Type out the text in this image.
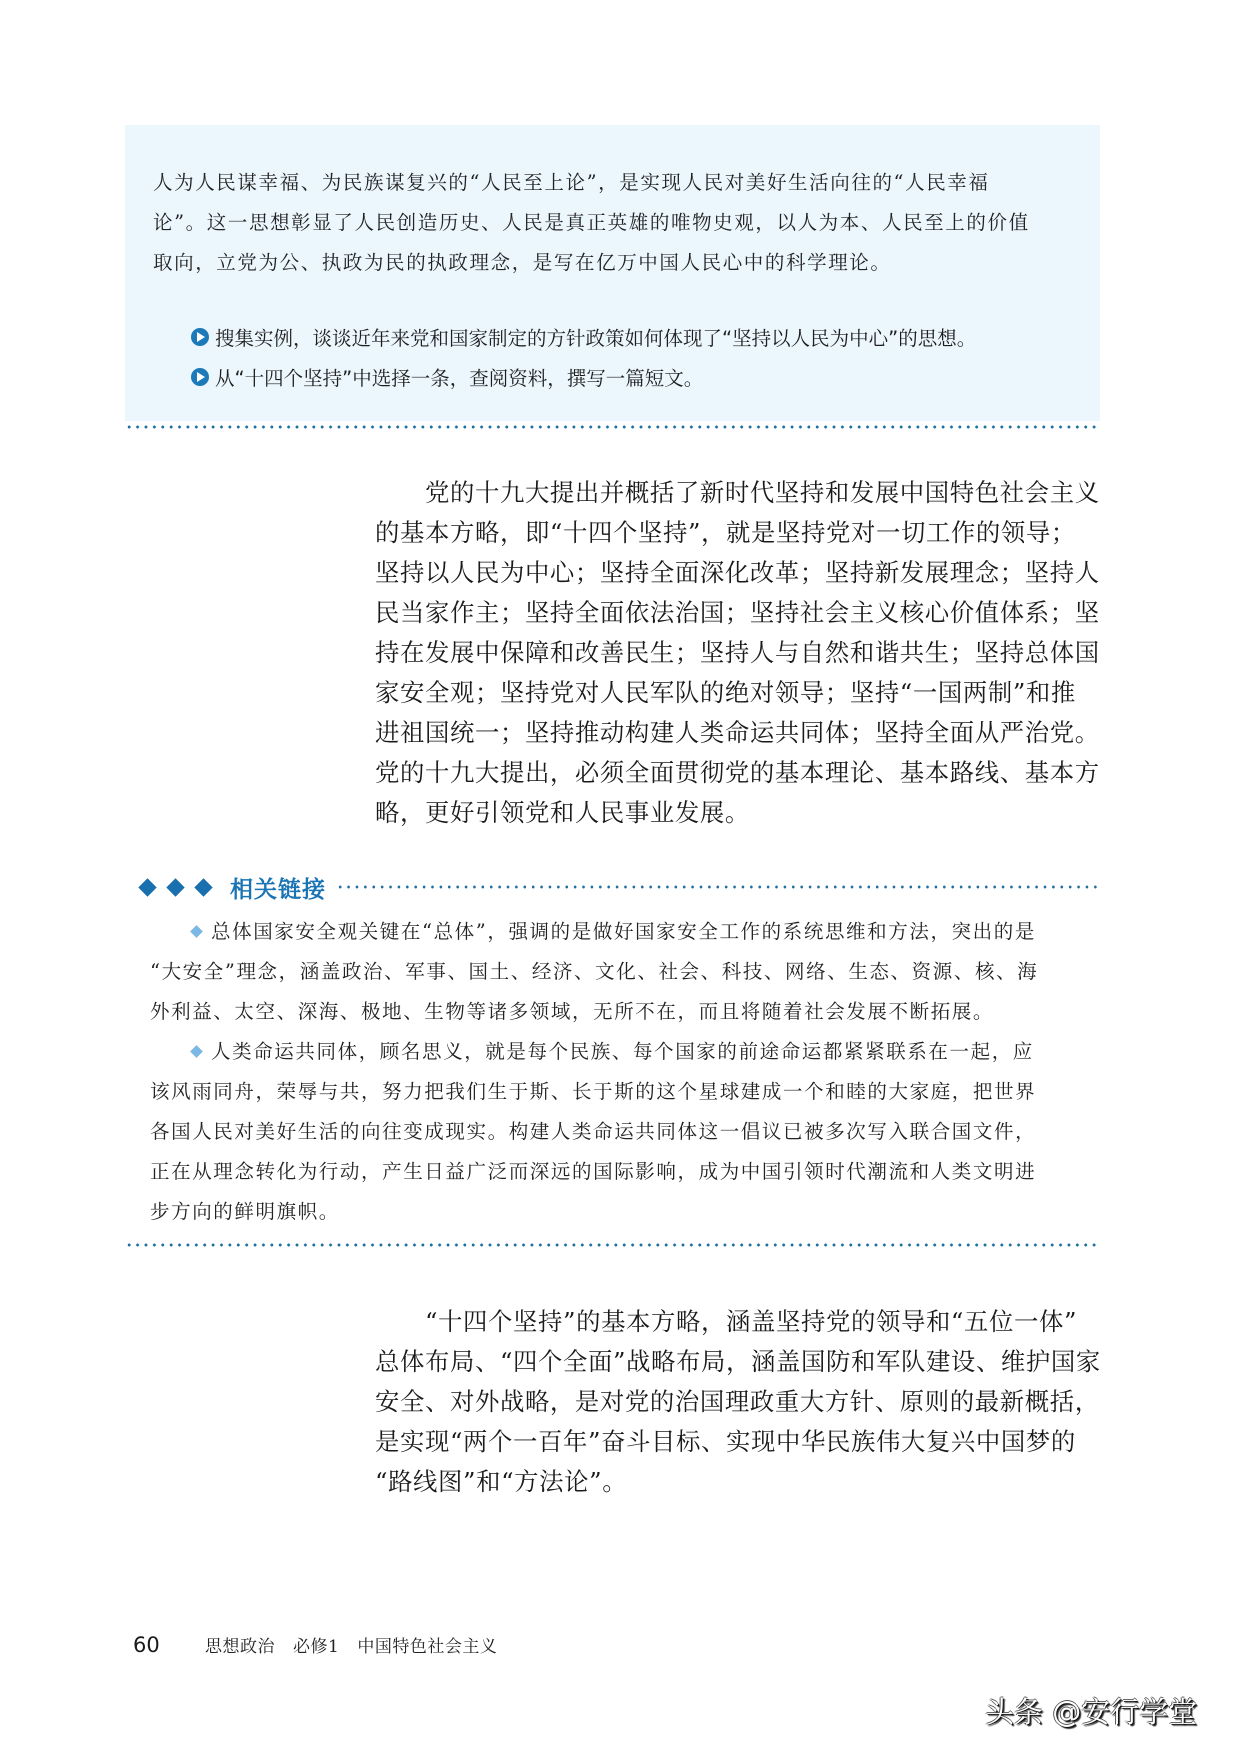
人为人民谋幸福、为民族谋复兴的“人民至上论”，是实现人民对美好生活向往的“人民幸福

论”。这一思想彰显了人民创造历史、人民是真正英雄的唯物史观，以人为本、人民至上的价值

取向，立党为公、执政为民的执政理念，是写在亿万中国人民心中的科学理论。

搜集实例，谈谈近年来党和国家制定的方针政策如何体现了“坚持以人民为中心”的思想。
从“十四个坚持”中选择一条，查阅资料，撰写一篇短文。

　　党的十九大提出并概括了新时代坚持和发展中国特色社会主义

的基本方略，即“十四个坚持”，就是坚持党对一切工作的领导；

坚持以人民为中心；坚持全面深化改革；坚持新发展理念；坚持人

民当家作主；坚持全面依法治国；坚持社会主义核心价值体系；坚

持在发展中保障和改善民生；坚持人与自然和谐共生；坚持总体国

家安全观；坚持党对人民军队的绝对领导；坚持“一国两制”和推

进祖国统一；坚持推动构建人类命运共同体；坚持全面从严治党。

党的十九大提出，必须全面贯彻党的基本理论、基本路线、基本方

略，更好引领党和人民事业发展。

相关链接

总体国家安全观关键在“总体”，强调的是做好国家安全工作的系统思维和方法，突出的是

“大安全”理念，涵盖政治、军事、国土、经济、文化、社会、科技、网络、生态、资源、核、海

外利益、太空、深海、极地、生物等诸多领域，无所不在，而且将随着社会发展不断拓展。

人类命运共同体，顾名思义，就是每个民族、每个国家的前途命运都紧紧联系在一起，应

该风雨同舟，荣辱与共，努力把我们生于斯、长于斯的这个星球建成一个和睦的大家庭，把世界

各国人民对美好生活的向往变成现实。构建人类命运共同体这一倡议已被多次写入联合国文件，

正在从理念转化为行动，产生日益广泛而深远的国际影响，成为中国引领时代潮流和人类文明进

步方向的鲜明旗帜。

　　“十四个坚持”的基本方略，涵盖坚持党的领导和“五位一体”

总体布局、“四个全面”战略布局，涵盖国防和军队建设、维护国家

安全、对外战略，是对党的治国理政重大方针、原则的最新概括，

是实现“两个一百年”奋斗目标、实现中华民族伟大复兴中国梦的

“路线图”和“方法论”。

60	思想政治 必修1 中国特色社会主义
头条 @安行学堂
